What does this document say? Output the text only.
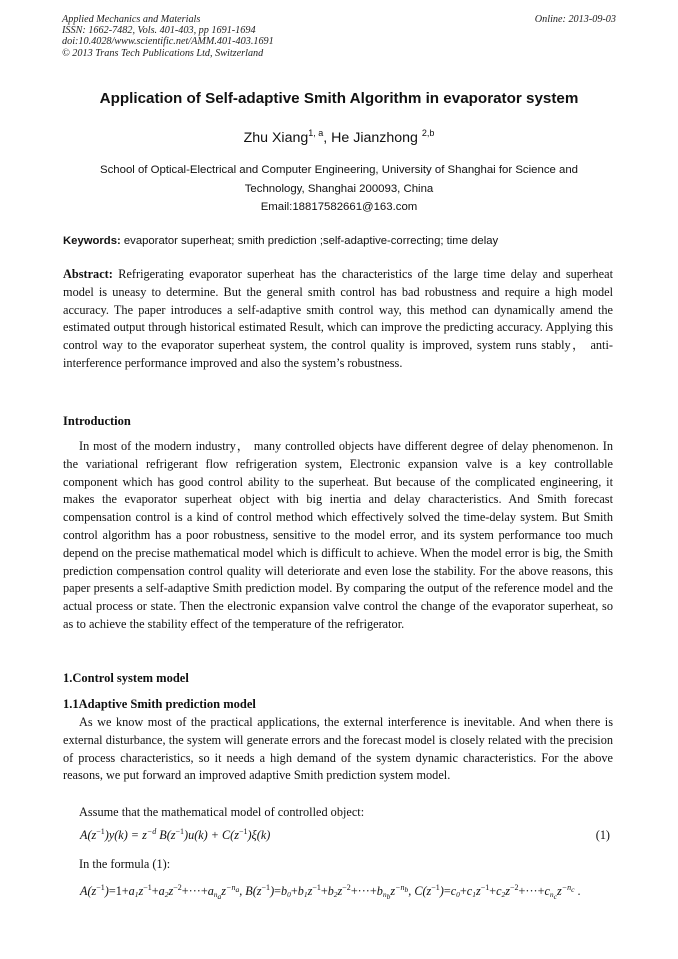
Applied Mechanics and Materials
ISSN: 1662-7482, Vols. 401-403, pp 1691-1694
doi:10.4028/www.scientific.net/AMM.401-403.1691
© 2013 Trans Tech Publications Ltd, Switzerland
Online: 2013-09-03
Application of Self-adaptive Smith Algorithm in evaporator system
Zhu Xiang$^{1, a}$, He Jianzhong $^{2,b}$
School of Optical-Electrical and Computer Engineering, University of Shanghai for Science and
Technology, Shanghai 200093, China
Email:18817582661@163.com
Keywords: evaporator superheat; smith prediction ;self-adaptive-correcting; time delay
Abstract: Refrigerating evaporator superheat has the characteristics of the large time delay and superheat model is uneasy to determine. But the general smith control has bad robustness and require a high model accuracy. The paper introduces a self-adaptive smith control way, this method can dynamically amend the estimated output through historical estimated Result, which can improve the predicting accuracy. Applying this control way to the evaporator superheat system, the control quality is improved, system runs stably， anti-interference performance improved and also the system’s robustness.
Introduction
In most of the modern industry， many controlled objects have different degree of delay phenomenon. In the variational refrigerant flow refrigeration system, Electronic expansion valve is a key controllable component which has good control ability to the superheat. But because of the complicated engineering, it makes the evaporator superheat object with big inertia and delay characteristics. And Smith forecast compensation control is a kind of control method which effectively solved the time-delay system. But Smith control algorithm has a poor robustness, sensitive to the model error, and its system performance too much depend on the precise mathematical model which is difficult to achieve. When the model error is big, the Smith prediction compensation control quality will deteriorate and even lose the stability. For the above reasons, this paper presents a self-adaptive Smith prediction model. By comparing the output of the reference model and the actual process or state. Then the electronic expansion valve control the change of the evaporator superheat, so as to achieve the stability effect of the temperature of the refrigerator.
1.Control system model
1.1Adaptive Smith prediction model
As we know most of the practical applications, the external interference is inevitable. And when there is external disturbance, the system will generate errors and the forecast model is closely related with the precision of process characteristics, so it needs a high demand of the system dynamic characteristics. For the above reasons, we put forward an improved adaptive Smith prediction system model.
Assume that the mathematical model of controlled object:
$A(z^{-1})y(k) = z^{-d}$ $B(z^{-1})u(k) + C(z^{-1})\xi(k)$	(1)
In the formula (1):
$A(z^{-1})=1+a_1z^{-1}+a_2z^{-2}+\cdot\cdot\cdot+a_{n_a}z^{-n_a}$, $B(z^{-1})=b_0+b_1z^{-1}+b_2z^{-2}+\cdot\cdot\cdot+b_{n_b}z^{-n_b}$, $C(z^{-1})=c_0+c_1z^{-1}+c_2z^{-2}+\cdot\cdot\cdot+c_{n_c}z^{-n_c}$ .
